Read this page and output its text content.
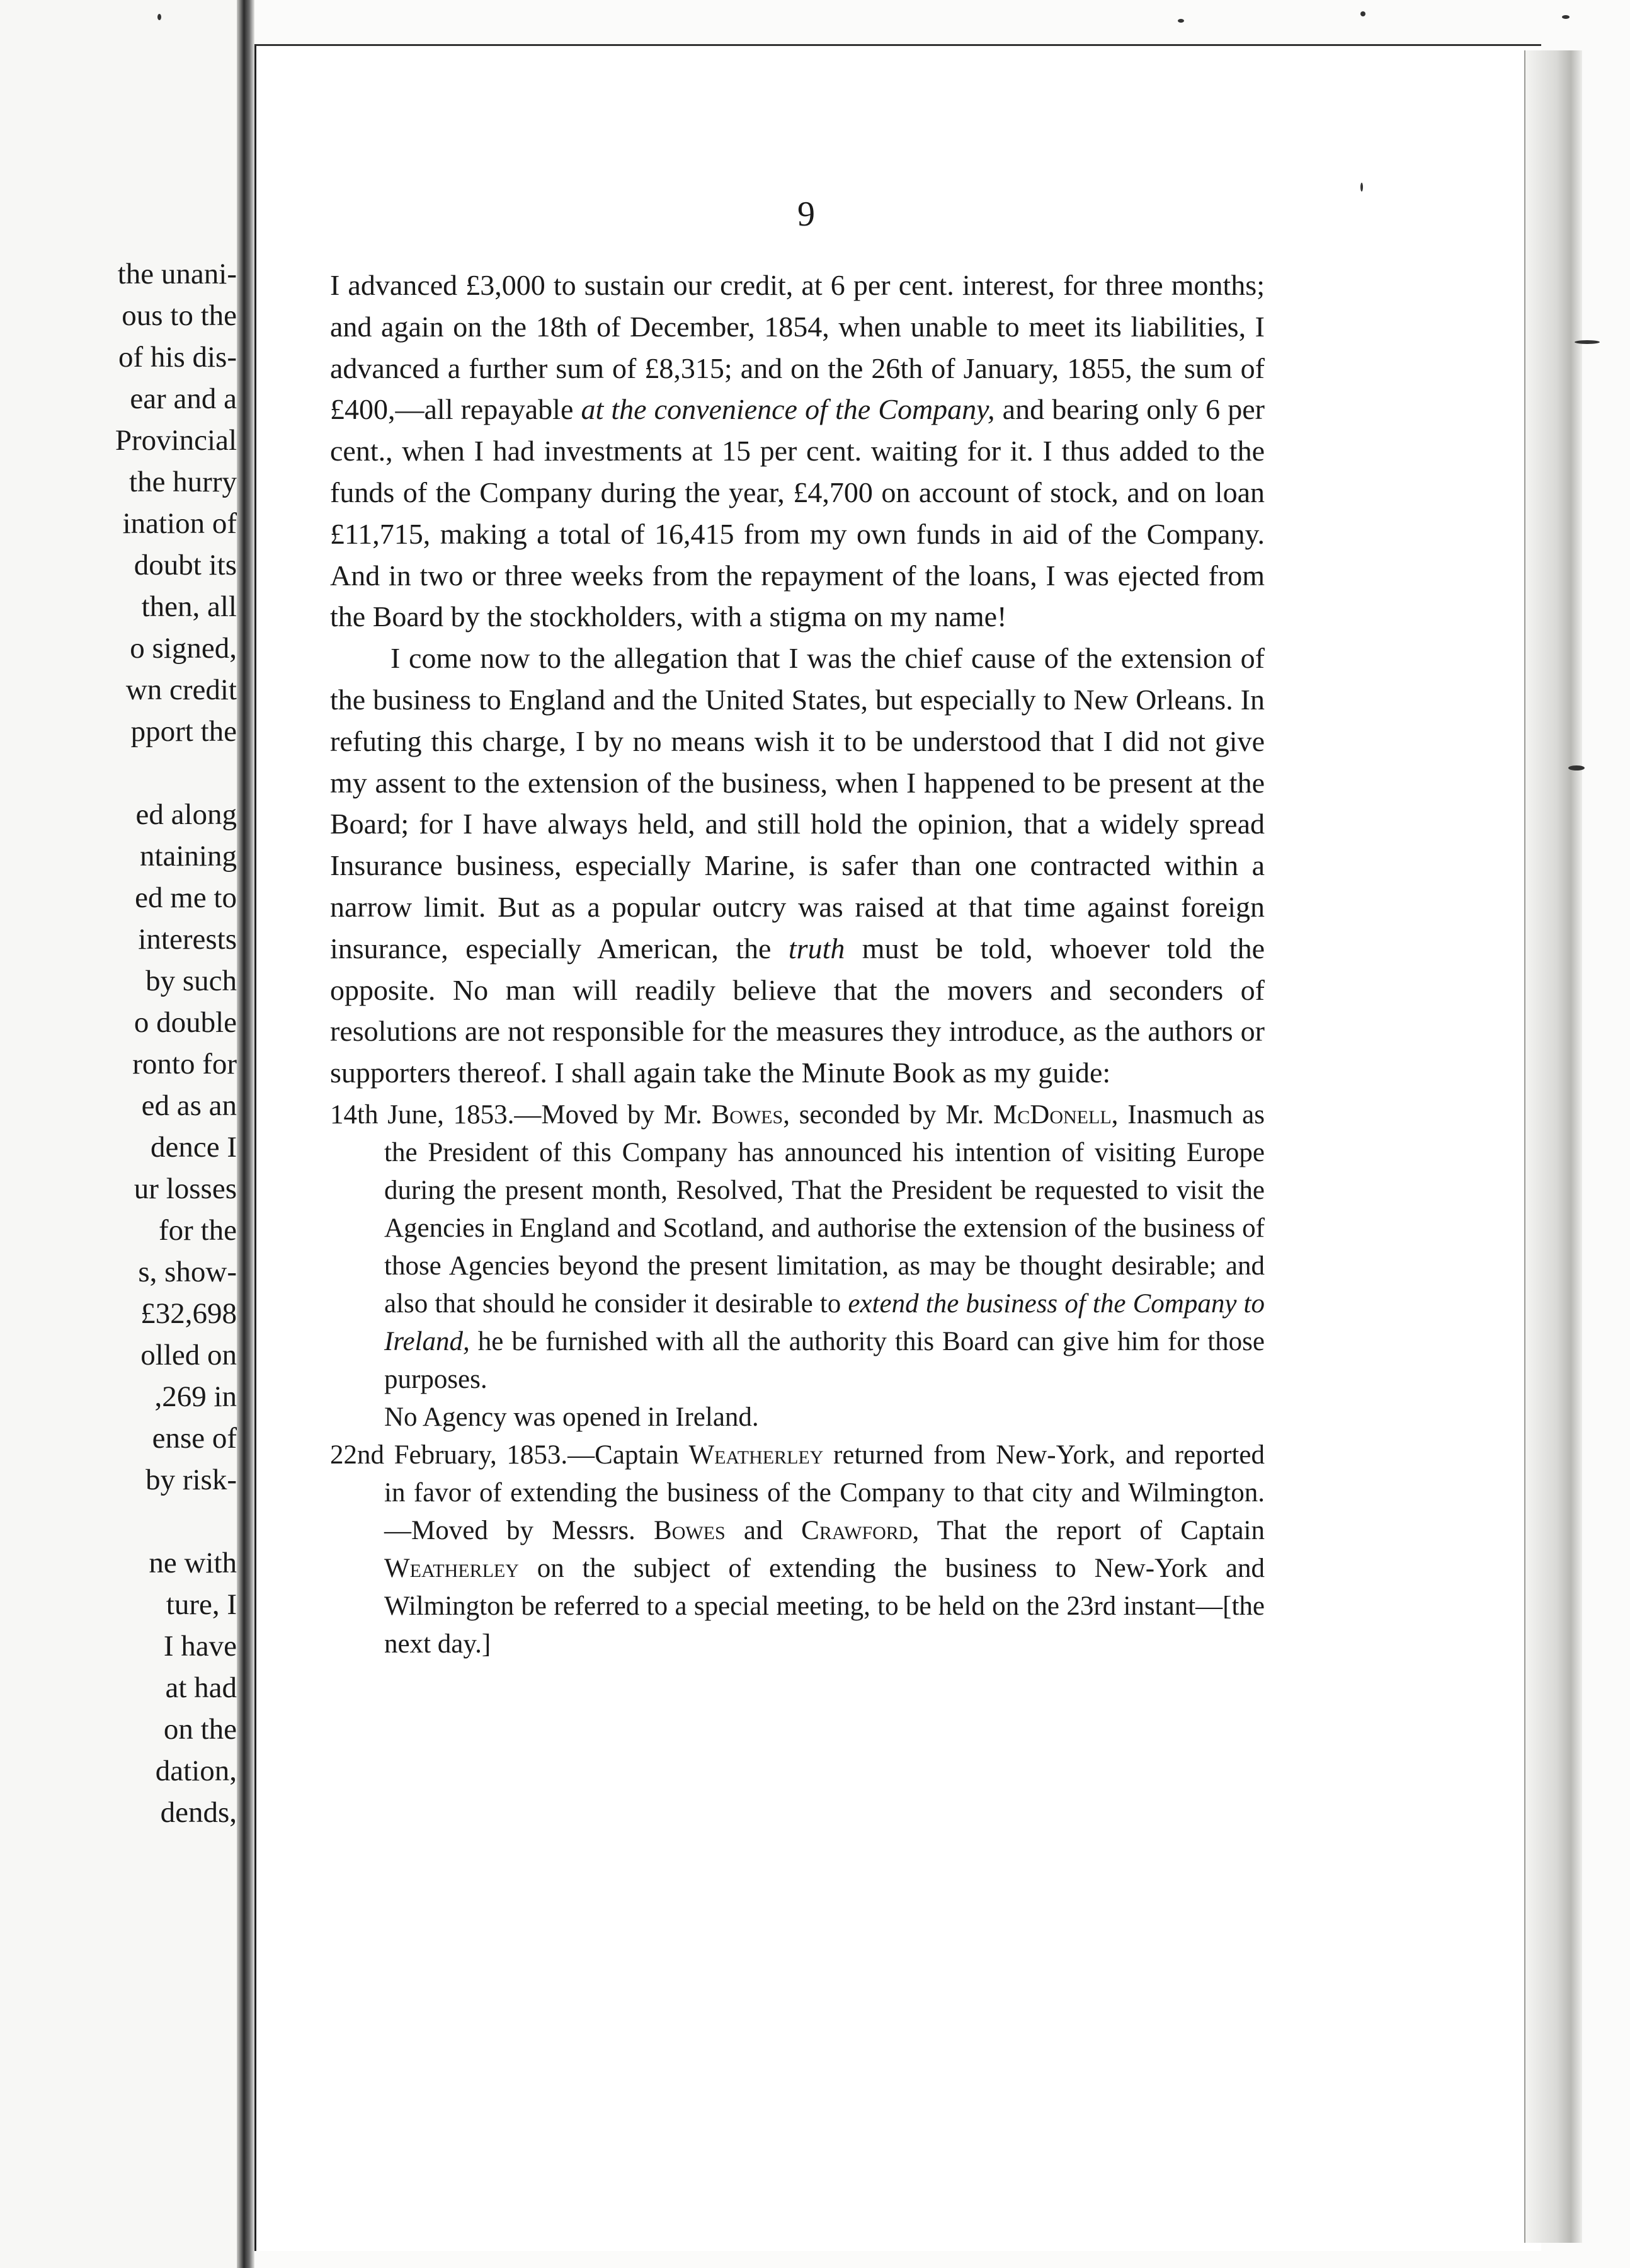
the unani-
ous to the
of his dis-
ear and a
Provincial
the hurry
ination of
doubt its
then, all
o signed,
wn credit
pport the
ed along
ntaining
ed me to
interests
by such
o double
ronto for
ed as an
dence I
ur losses
for the
s, show-
£32,698
olled on
,269 in
ense of
by risk-
ne with
ture, I
I have
at had
on the
dation,
dends,
9

I advanced £3,000 to sustain our credit, at 6 per cent. interest, for three months; and again on the 18th of December, 1854, when unable to meet its liabilities, I advanced a further sum of £8,315; and on the 26th of January, 1855, the sum of £400,—all repayable at the convenience of the Company, and bearing only 6 per cent., when I had investments at 15 per cent. waiting for it. I thus added to the funds of the Company during the year, £4,700 on account of stock, and on loan £11,715, making a total of 16,415 from my own funds in aid of the Company. And in two or three weeks from the repayment of the loans, I was ejected from the Board by the stockholders, with a stigma on my name!

I come now to the allegation that I was the chief cause of the extension of the business to England and the United States, but especially to New Orleans. In refuting this charge, I by no means wish it to be understood that I did not give my assent to the extension of the business, when I happened to be present at the Board; for I have always held, and still hold the opinion, that a widely spread Insurance business, especially Marine, is safer than one contracted within a narrow limit. But as a popular outcry was raised at that time against foreign insurance, especially American, the truth must be told, whoever told the opposite. No man will readily believe that the movers and seconders of resolutions are not responsible for the measures they introduce, as the authors or supporters thereof. I shall again take the Minute Book as my guide:

14th June, 1853.—Moved by Mr. Bowes, seconded by Mr. McDonell, Inasmuch as the President of this Company has announced his intention of visiting Europe during the present month, Resolved, That the President be requested to visit the Agencies in England and Scotland, and authorise the extension of the business of those Agencies beyond the present limitation, as may be thought desirable; and also that should he consider it desirable to extend the business of the Company to Ireland, he be furnished with all the authority this Board can give him for those purposes.

No Agency was opened in Ireland.

22nd February, 1853.—Captain Weatherley returned from New-York, and reported in favor of extending the business of the Company to that city and Wilmington.—Moved by Messrs. Bowes and Crawford, That the report of Captain Weatherley on the subject of extending the business to New-York and Wilmington be referred to a special meeting, to be held on the 23rd instant—[the next day.]
